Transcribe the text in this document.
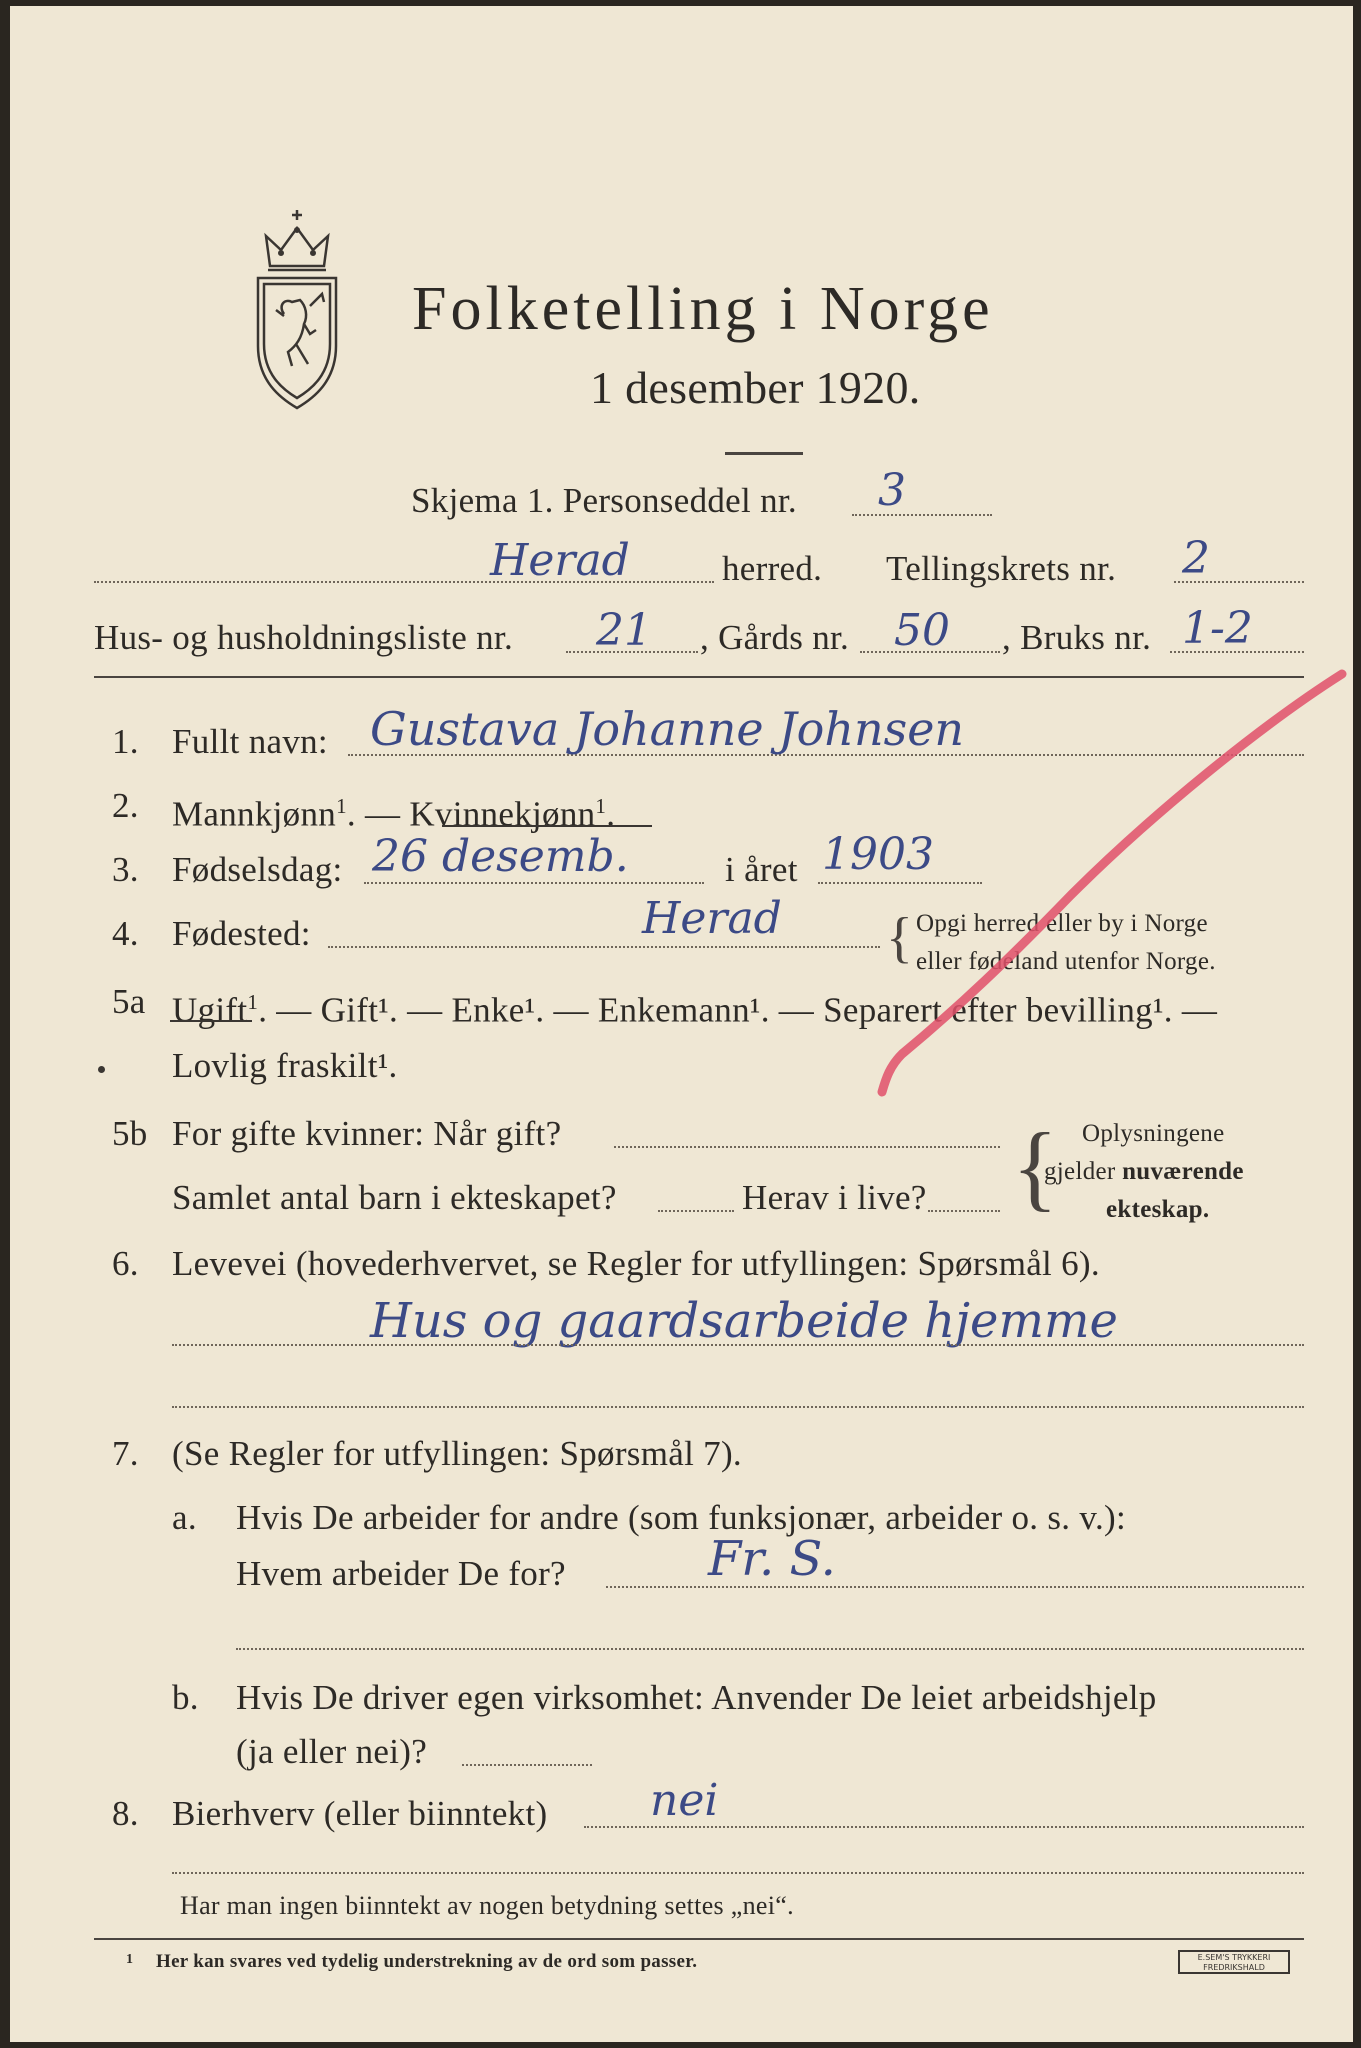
Folketelling i Norge
1 desember 1920.
Skjema 1. Personseddel nr. 3
Herad	herred. Tellingskrets nr. 2
Hus- og husholdningsliste nr. 21 , Gårds nr. 50 , Bruks nr. 1-2
1. Fullt navn: Gustava Johanne Johnsen
2. Mannkjønn$^1$. — Kvinnekjønn$^1$.
3. Fødselsdag: 26 desemb.	i året 1903
4. Fødested:	Herad { Opgi herred eller by i Norge
eller fødeland utenfor Norge.
5a Ugift$^1$. — Gift¹. — Enke¹. — Enkemann¹. — Separert efter bevilling¹. —
Lovlig fraskilt¹.
5b For gifte kvinner: Når gift?
Samlet antal barn i ekteskapet?	Herav i live? { Oplysningene
gjelder nuværende
ekteskap.
6. Levevei (hovederhvervet, se Regler for utfyllingen: Spørsmål 6).
Hus og gaardsarbeide hjemme
7. (Se Regler for utfyllingen: Spørsmål 7).
a. Hvis De arbeider for andre (som funksjonær, arbeider o. s. v.):
Hvem arbeider De for?	Fr. S.
b. Hvis De driver egen virksomhet: Anvender De leiet arbeidshjelp
(ja eller nei)?
8. Bierhverv (eller biinntekt) nei
Har man ingen biinntekt av nogen betydning settes „nei“.
1 Her kan svares ved tydelig understrekning av de ord som passer.	E.SEM'S TRYKKERI
FREDRIKSHALD
